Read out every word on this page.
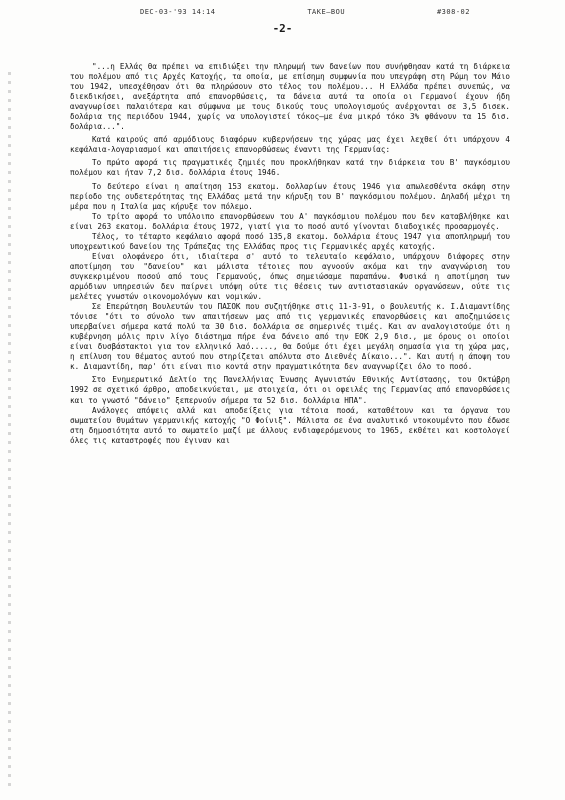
DEC-03-'93 14:14	TAKE—BOU	#308-02
-2-

"...η Ελλάς θα πρέπει να επιδιώξει την πληρωμή των δανείων που συνήφθησαν κατά τη διάρκεια του πολέμου από τις Αρχές Κατοχής, τα οποία, με επίσημη συμφωνία που υπεγράφη στη Ρώμη τον Μάιο του 1942, υπεσχέθησαν ότι θα πληρώσουν στο τέλος του πολέμου... Η Ελλάδα πρέπει συνεπώς, να διεκδικήσει, ανεξάρτητα από επανορθώσεις, τα δάνεια αυτά τα οποία οι Γερμανοί έχουν ήδη αναγνωρίσει παλαιότερα και σύμφωνα με τους δικούς τους υπολογισμούς ανέρχονται σε 3,5 δισεκ. δολάρια της περιόδου 1944, χωρίς να υπολογιστεί τόκος—με ένα μικρό τόκο 3% φθάνουν τα 15 δισ. δολάρια...".

Κατά καιρούς από αρμόδιους διαφόρων κυβερνήσεων της χώρας μας έχει λεχθεί ότι υπάρχουν 4 κεφάλαια-λογαριασμοί και απαιτήσεις επανορθώσεως έναντι της Γερμανίας:

Το πρώτο αφορά τις πραγματικές ζημιές που προκλήθηκαν κατά την διάρκεια του Β' παγκόσμιου πολέμου και ήταν 7,2 δισ. δολλάρια έτους 1946.

Το δεύτερο είναι η απαίτηση 153 εκατομ. δολλαρίων έτους 1946 για απωλεσθέντα σκάφη στην περίοδο της ουδετερότητας της Ελλάδας μετά την κήρυξη του Β' παγκόσμιου πολέμου. Δηλαδή μέχρι τη μέρα που η Ιταλία μας κήρυξε τον πόλεμο.

Το τρίτο αφορά το υπόλοιπο επανορθώσεων του Α' παγκόσμιου πολέμου που δεν καταβλήθηκε και είναι 263 εκατομ. δολλάρια έτους 1972, γιατί για το ποσό αυτό γίνονται διαδοχικές προσαρμογές.

Τέλος, το τέταρτο κεφάλαιο αφορά ποσό 135,8 εκατομ. δολλάρια έτους 1947 για αποπληρωμή του υποχρεωτικού δανείου της Τράπεζας της Ελλάδας προς τις Γερμανικές αρχές κατοχής.

Είναι ολοφάνερο ότι, ιδιαίτερα σ' αυτό το τελευταίο κεφάλαιο, υπάρχουν διάφορες στην αποτίμηση του "δανείου" και μάλιστα τέτοιες που αγνοούν ακόμα και την αναγνώριση του συγκεκριμένου ποσού από τους Γερμανούς, όπως σημειώσαμε παραπάνω. Φυσικά η αποτίμηση των αρμόδιων υπηρεσιών δεν παίρνει υπόψη ούτε τις θέσεις των αντιστασιακών οργανώσεων, ούτε τις μελέτες γνωστών οικονομολόγων και νομικών.

Σε Επερώτηση Βουλευτών του ΠΑΣΟΚ που συζητήθηκε στις 11-3-91, ο βουλευτής κ. Ι.Διαμαντίδης τόνισε "ότι το σύνολο των απαιτήσεων μας από τις γερμανικές επανορθώσεις και αποζημιώσεις υπερβαίνει σήμερα κατά πολύ τα 30 δισ. δολλάρια σε σημερινές τιμές. Και αν αναλογιστούμε ότι η κυβέρνηση μόλις πριν λίγο διάστημα πήρε ένα δάνειο από την ΕΟΚ 2,9 δισ., με όρους οι οποίοι είναι δυσβάστακτοι για τον ελληνικό λαό....., θα δούμε ότι έχει μεγάλη σημασία για τη χώρα μας, η επίλυση του θέματος αυτού που στηρίζεται απόλυτα στο Διεθνές Δίκαιο...". Και αυτή η άποψη του κ. Διαμαντίδη, παρ' ότι είναι πιο κοντά στην πραγματικότητα δεν αναγνωρίζει όλο το ποσό.

Στο Ενημερωτικό Δελτίο της Πανελλήνιας Ένωσης Αγωνιστών Εθνικής Αντίστασης, του Οκτώβρη 1992 σε σχετικό άρθρο, αποδεικνύεται, με στοιχεία, ότι οι οφειλές της Γερμανίας από επανορθώσεις και το γνωστό "δάνειο" ξεπερνούν σήμερα τα 52 δισ. δολλάρια ΗΠΑ".

Ανάλογες απόψεις αλλά και αποδείξεις για τέτοια ποσά, καταθέτουν και τα όργανα του σωματείου θυμάτων γερμανικής κατοχής "Ο Φοίνιξ". Μάλιστα σε ένα αναλυτικό ντοκουμέντο που έδωσε στη δημοσιότητα αυτό το σωματείο μαζί με άλλους ενδιαφερόμενους το 1965, εκθέτει και κοστολογεί όλες τις καταστροφές που έγιναν και
